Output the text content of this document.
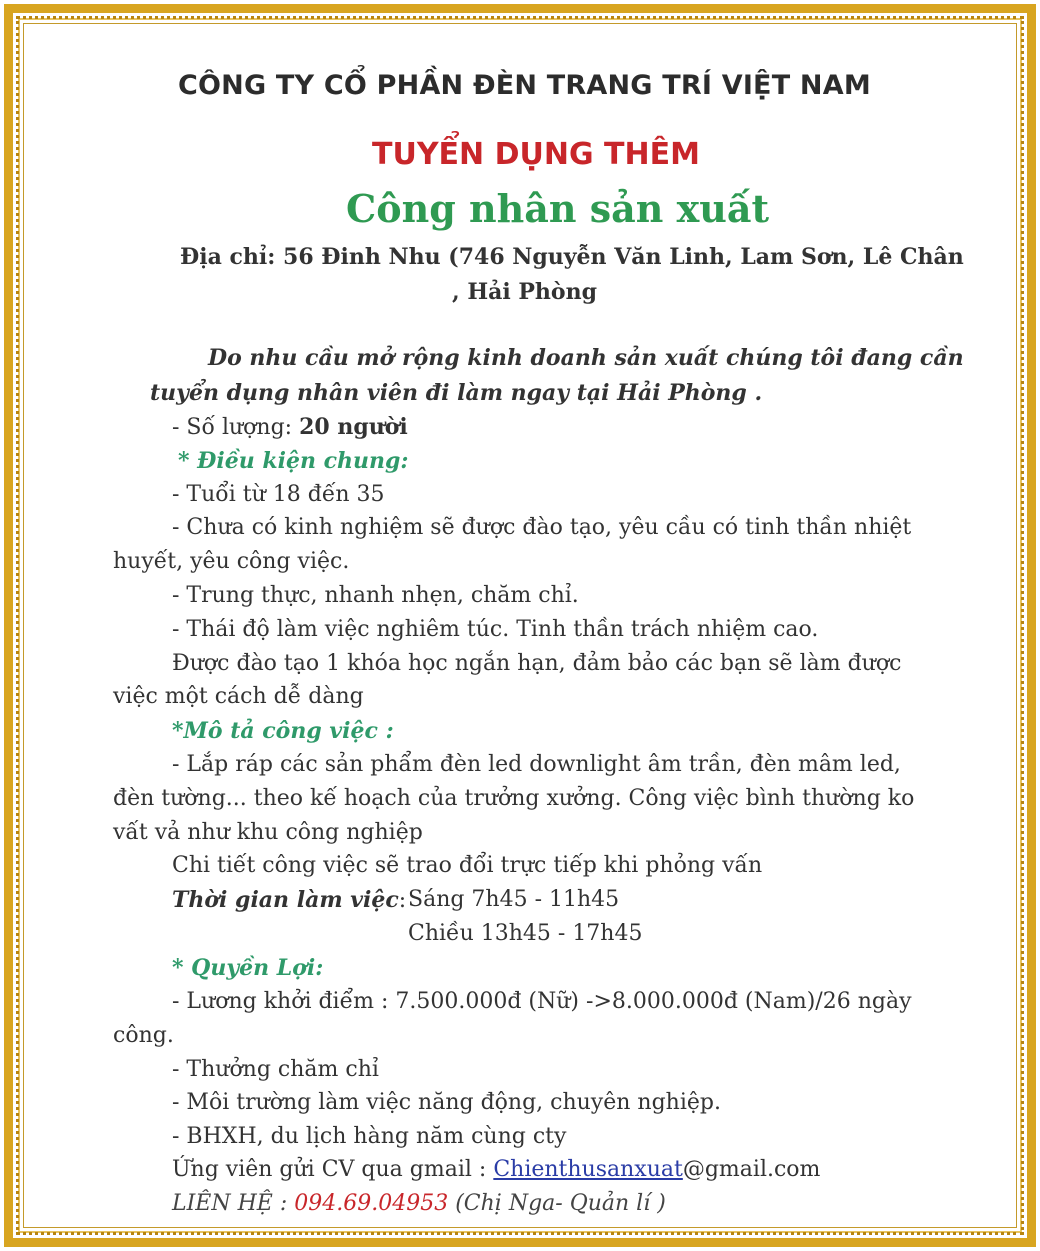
CÔNG TY CỔ PHẦN ĐÈN TRANG TRÍ VIỆT NAM
TUYỂN DỤNG THÊM
Công nhân sản xuất
Địa chỉ: 56 Đinh Nhu (746 Nguyễn Văn Linh, Lam Sơn, Lê Chân
, Hải Phòng
Do nhu cầu mở rộng kinh doanh sản xuất chúng tôi đang cần
tuyển dụng nhân viên đi làm ngay tại Hải Phòng .
- Số lượng: 20 người
* Điều kiện chung:
- Tuổi từ 18 đến 35
- Chưa có kinh nghiệm sẽ được đào tạo, yêu cầu có tinh thần nhiệt
huyết, yêu công việc.
- Trung thực, nhanh nhẹn, chăm chỉ.
- Thái độ làm việc nghiêm túc. Tinh thần trách nhiệm cao.
Được đào tạo 1 khóa học ngắn hạn, đảm bảo các bạn sẽ làm được
việc một cách dễ dàng
*Mô tả công việc :
- Lắp ráp các sản phẩm đèn led downlight âm trần, đèn mâm led,
đèn tường... theo kế hoạch của trưởng xưởng. Công việc bình thường ko
vất vả như khu công nghiệp
Chi tiết công việc sẽ trao đổi trực tiếp khi phỏng vấn
Thời gian làm việc: Sáng 7h45 - 11h45
Chiều 13h45 - 17h45
* Quyền Lợi:
- Lương khởi điểm : 7.500.000đ (Nữ) ->8.000.000đ (Nam)/26 ngày
công.
- Thưởng chăm chỉ
- Môi trường làm việc năng động, chuyên nghiệp.
- BHXH, du lịch hàng năm cùng cty
Ứng viên gửi CV qua gmail : Chienthusanxuat@gmail.com
LIÊN HỆ : 094.69.04953 (Chị Nga- Quản lí )
